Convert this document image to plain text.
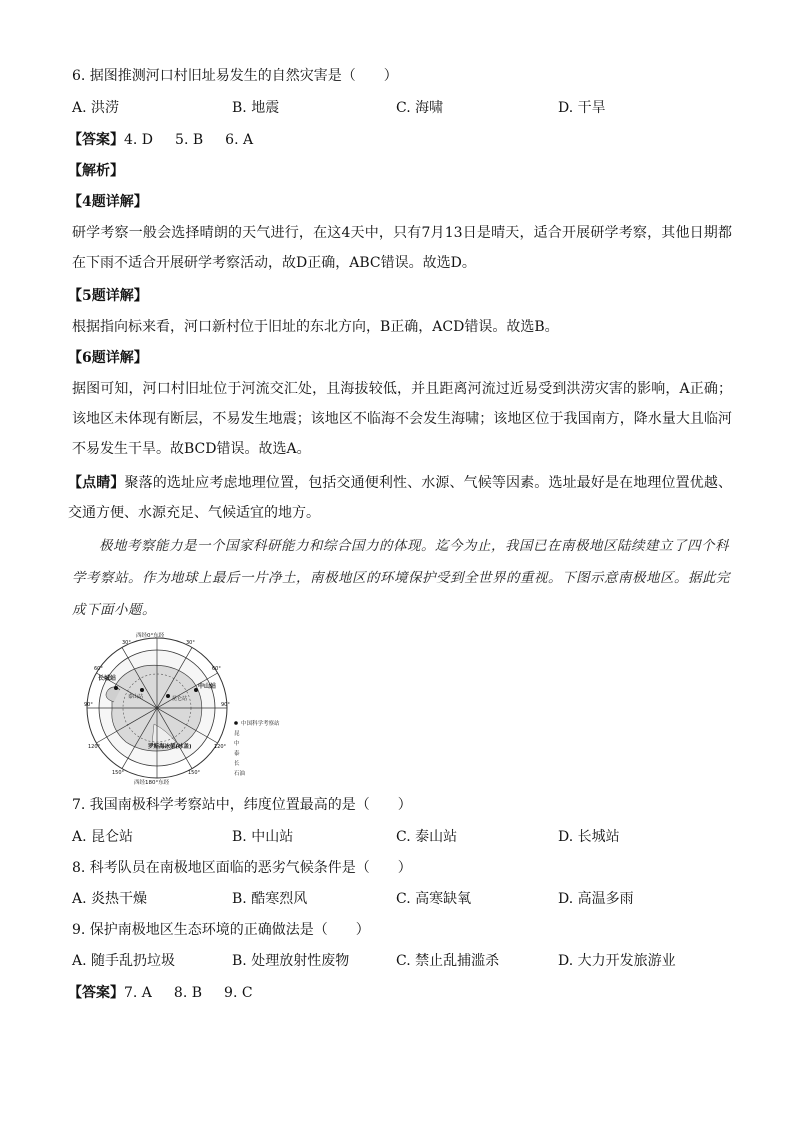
6. 据图推测河口村旧址易发生的自然灾害是（　　）
A. 洪涝	B. 地震	C. 海啸	D. 干旱
【答案】4. D 5. B 6. A
【解析】
【4题详解】
研学考察一般会选择晴朗的天气进行，在这4天中，只有7月13日是晴天，适合开展研学考察，其他日期都在下雨不适合开展研学考察活动，故D正确，ABC错误。故选D。
【5题详解】
根据指向标来看，河口新村位于旧址的东北方向，B正确，ACD错误。故选B。
【6题详解】
据图可知，河口村旧址位于河流交汇处，且海拔较低，并且距离河流过近易受到洪涝灾害的影响，A正确；该地区未体现有断层，不易发生地震；该地区不临海不会发生海啸；该地区位于我国南方，降水量大且临河不易发生干旱。故BCD错误。故选A。
【点睛】聚落的选址应考虑地理位置，包括交通便利性、水源、气候等因素。选址最好是在地理位置优越、交通方便、水源充足、气候适宜的地方。
极地考察能力是一个国家科研能力和综合国力的体现。迄今为止，我国已在南极地区陆续建立了四个科学考察站。作为地球上最后一片净土，南极地区的环境保护受到全世界的重视。下图示意南极地区。据此完成下面小题。
西经0°东经
西经180°东经
30°
60°
90°
120°
150°
30°
60°
90°
120°
150°
长城站
中山站
罗斯海冰架(冰盖)
昆仑站
泰山站
中国科学考察站
昆
中
泰
长
石油
7. 我国南极科学考察站中，纬度位置最高的是（　　）
A. 昆仑站	B. 中山站	C. 泰山站	D. 长城站
8. 科考队员在南极地区面临的恶劣气候条件是（　　）
A. 炎热干燥	B. 酷寒烈风	C. 高寒缺氧	D. 高温多雨
9. 保护南极地区生态环境的正确做法是（　　）
A. 随手乱扔垃圾	B. 处理放射性废物	C. 禁止乱捕滥杀	D. 大力开发旅游业
【答案】7. A 8. B 9. C
